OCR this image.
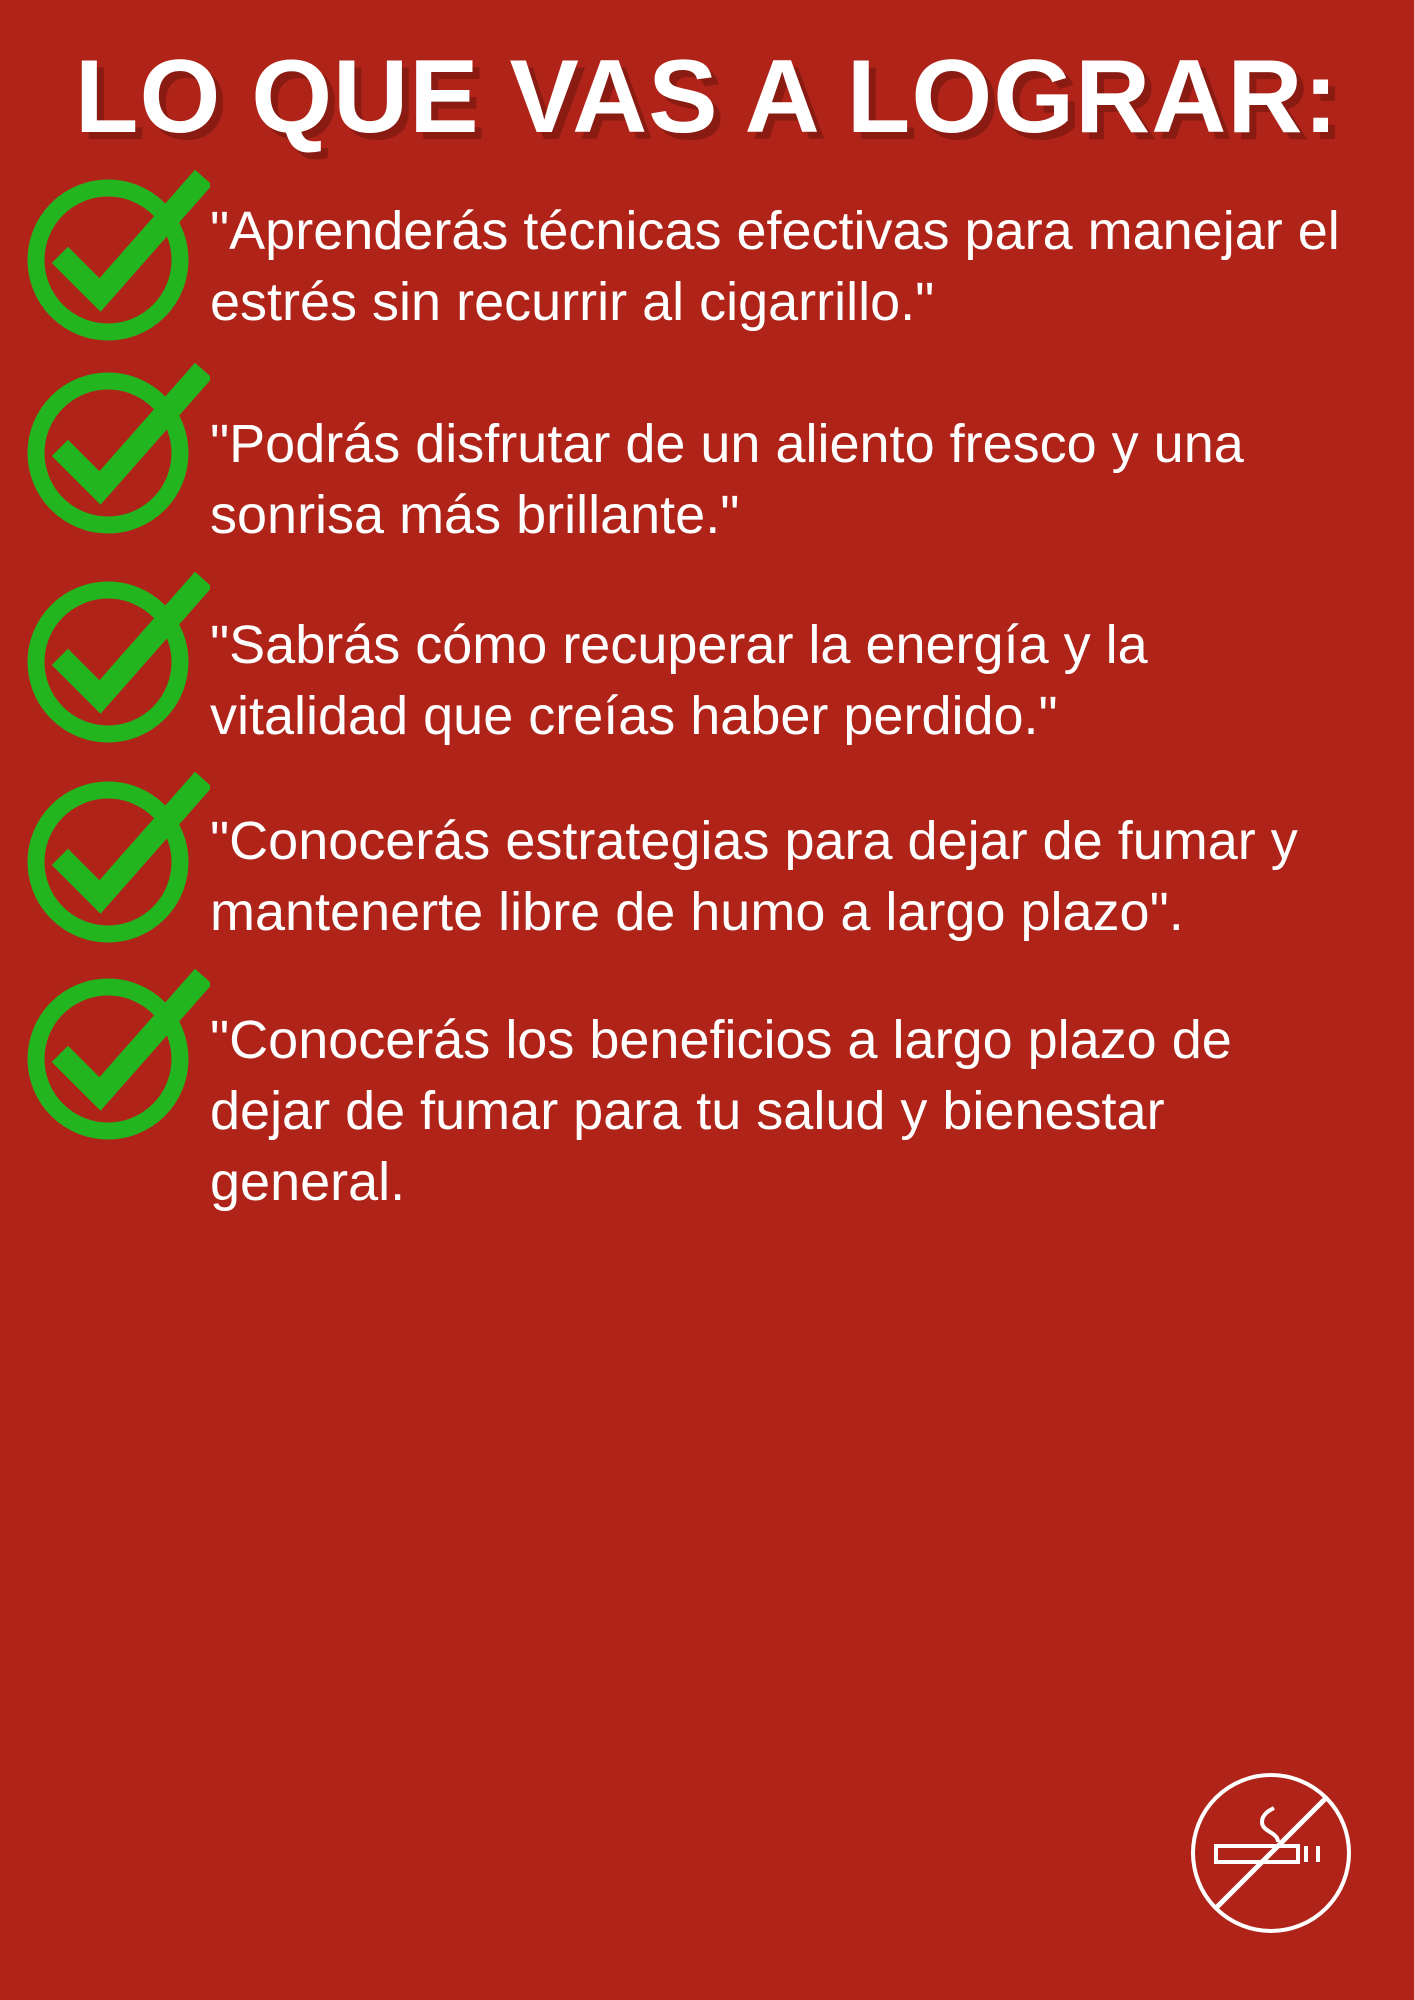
LO QUE VAS A LOGRAR:
"Aprenderás técnicas efectivas para manejar el estrés sin recurrir al cigarrillo."
"Podrás disfrutar de un aliento fresco y una sonrisa más brillante."
"Sabrás cómo recuperar la energía y la vitalidad que creías haber perdido."
"Conocerás estrategias para dejar de fumar y mantenerte libre de humo a largo plazo".
"Conocerás los beneficios a largo plazo de dejar de fumar para tu salud y bienestar general.
